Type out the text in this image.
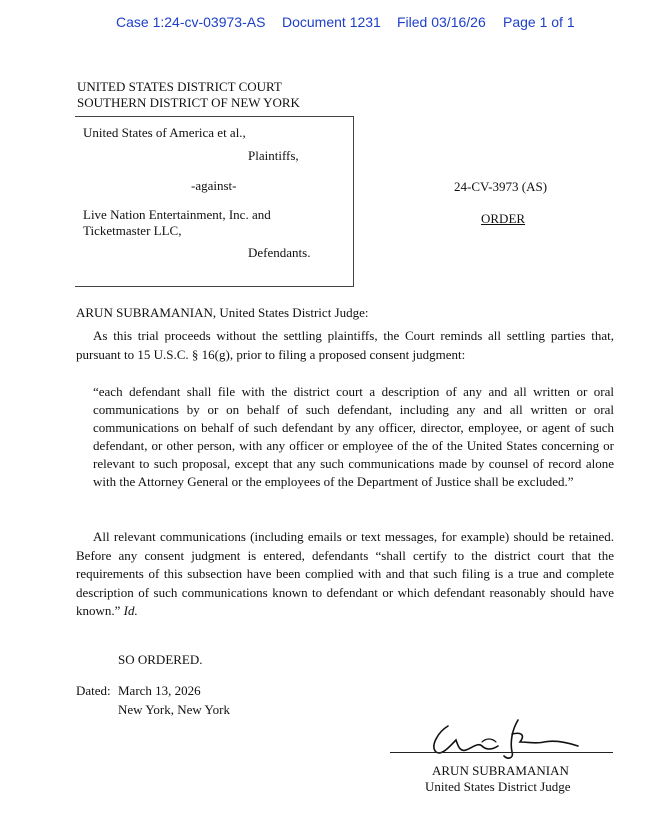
Case 1:24-cv-03973-AS Document 1231 Filed 03/16/26 Page 1 of 1
UNITED STATES DISTRICT COURT
SOUTHERN DISTRICT OF NEW YORK
United States of America et al.,
Plaintiffs,
-against-
Live Nation Entertainment, Inc. and
Ticketmaster LLC,
Defendants.
24-CV-3973 (AS)
ORDER
ARUN SUBRAMANIAN, United States District Judge:
As this trial proceeds without the settling plaintiffs, the Court reminds all settling parties that, pursuant to 15 U.S.C. § 16(g), prior to filing a proposed consent judgment:
“each defendant shall file with the district court a description of any and all written or oral communications by or on behalf of such defendant, including any and all written or oral communications on behalf of such defendant by any officer, director, employee, or agent of such defendant, or other person, with any officer or employee of the of the United States concerning or relevant to such proposal, except that any such communications made by counsel of record alone with the Attorney General or the employees of the Department of Justice shall be excluded.”
All relevant communications (including emails or text messages, for example) should be retained. Before any consent judgment is entered, defendants “shall certify to the district court that the requirements of this subsection have been complied with and that such filing is a true and complete description of such communications known to defendant or which defendant reasonably should have known.” Id.
SO ORDERED.
Dated: March 13, 2026
New York, New York
ARUN SUBRAMANIAN
United States District Judge
